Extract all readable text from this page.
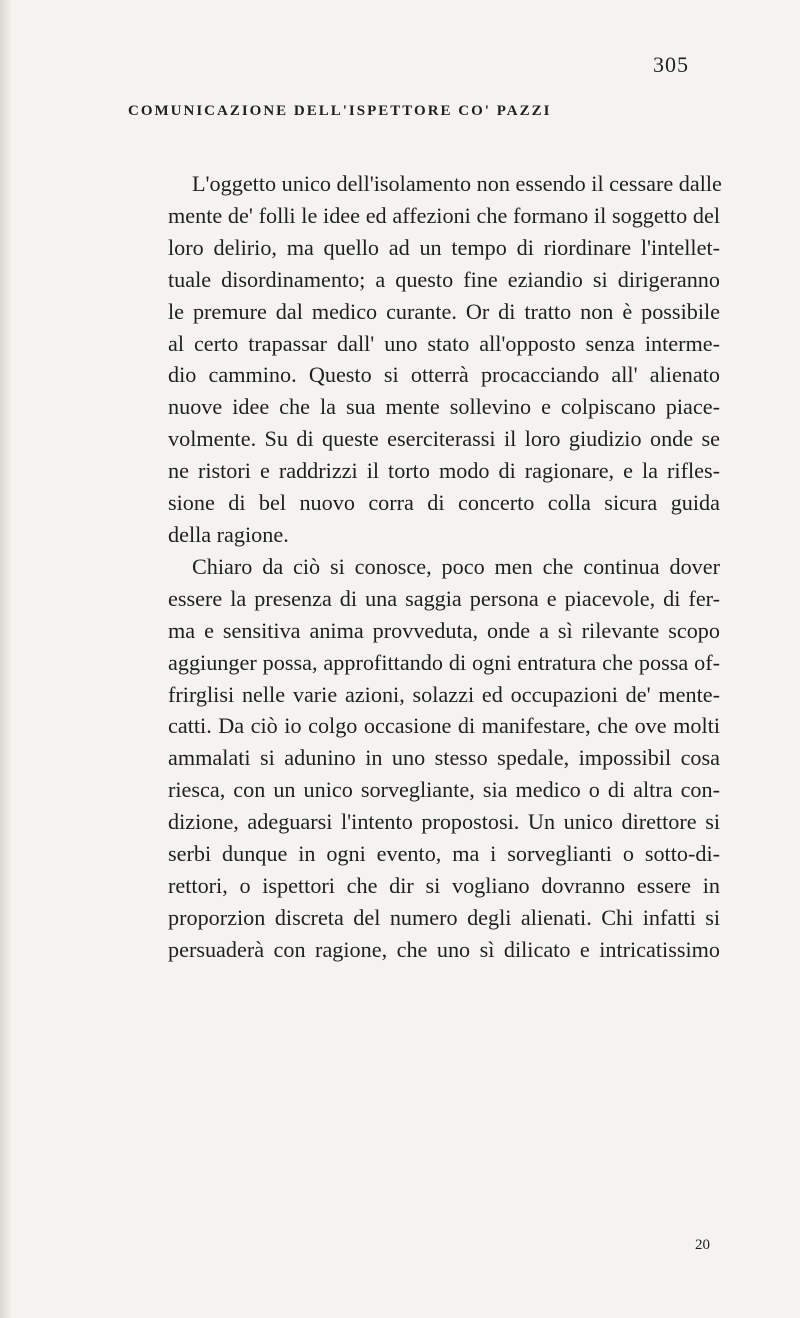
305
COMUNICAZIONE DELL'ISPETTORE CO' PAZZI
L'oggetto unico dell'isolamento non essendo il cessare dalle
mente de' folli le idee ed affezioni che formano il soggetto del
loro delirio, ma quello ad un tempo di riordinare l'intellet-
tuale disordinamento; a questo fine eziandio si dirigeranno
le premure dal medico curante. Or di tratto non è possibile
al certo trapassar dall' uno stato all'opposto senza interme-
dio cammino. Questo si otterrà procacciando all' alienato
nuove idee che la sua mente sollevino e colpiscano piace-
volmente. Su di queste eserciterassi il loro giudizio onde se
ne ristori e raddrizzi il torto modo di ragionare, e la rifles-
sione di bel nuovo corra di concerto colla sicura guida
della ragione.
Chiaro da ciò si conosce, poco men che continua dover
essere la presenza di una saggia persona e piacevole, di fer-
ma e sensitiva anima provveduta, onde a sì rilevante scopo
aggiunger possa, approfittando di ogni entratura che possa of-
frirglisi nelle varie azioni, solazzi ed occupazioni de' mente-
catti. Da ciò io colgo occasione di manifestare, che ove molti
ammalati si adunino in uno stesso spedale, impossibil cosa
riesca, con un unico sorvegliante, sia medico o di altra con-
dizione, adeguarsi l'intento propostosi. Un unico direttore si
serbi dunque in ogni evento, ma i sorveglianti o sotto-di-
rettori, o ispettori che dir si vogliano dovranno essere in
proporzion discreta del numero degli alienati. Chi infatti si
persuaderà con ragione, che uno sì dilicato e intricatissimo
20
